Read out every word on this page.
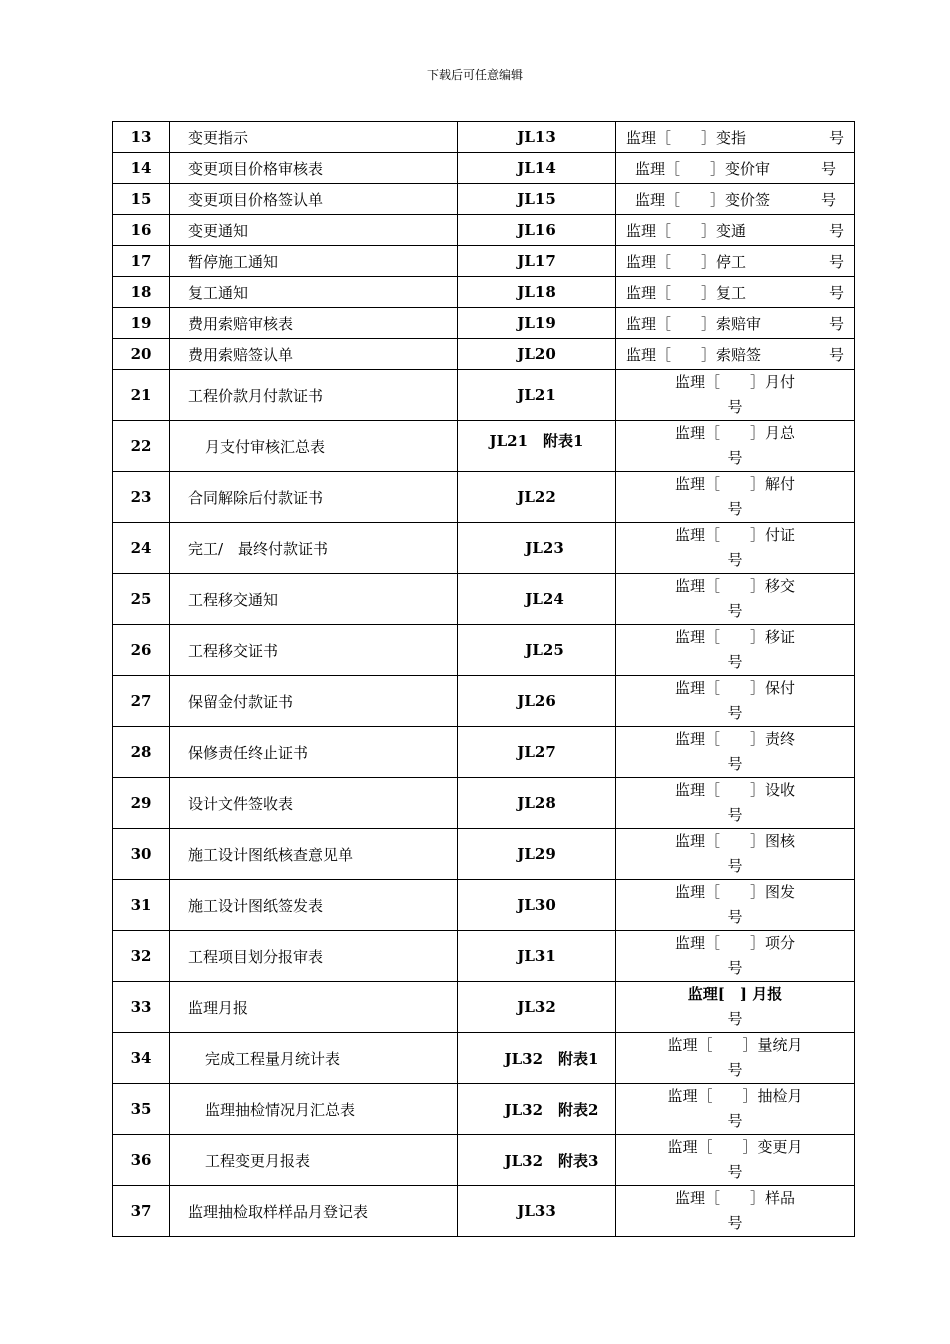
下载后可任意编辑
13	变更指示	JL13	监理［　　］变指 号

14	变更项目价格审核表	JL14	监理［　　］变价审 号

15	变更项目价格签认单	JL15	监理［　　］变价签 号

16	变更通知	JL16	监理［　　］变通 号

17	暂停施工通知	JL17	监理［　　］停工 号

18	复工通知	JL18	监理［　　］复工 号

19	费用索赔审核表	JL19	监理［　　］索赔审 号

20	费用索赔签认单	JL20	监理［　　］索赔签 号

21	工程价款月付款证书	JL21	监理［　　］月付
号

22	月支付审核汇总表	JL21　附表1	监理［　　］月总
号

23	合同解除后付款证书	JL22	监理［　　］解付
号

24	完工/　最终付款证书	JL23	监理［　　］付证
号

25	工程移交通知	JL24	监理［　　］移交
号

26	工程移交证书	JL25	监理［　　］移证
号

27	保留金付款证书	JL26	监理［　　］保付
号

28	保修责任终止证书	JL27	监理［　　］责终
号

29	设计文件签收表	JL28	监理［　　］设收
号

30	施工设计图纸核查意见单	JL29	监理［　　］图核
号

31	施工设计图纸签发表	JL30	监理［　　］图发
号

32	工程项目划分报审表	JL31	监理［　　］项分
号

33	监理月报	JL32	监理[　] 月报
号

34	完成工程量月统计表	JL32　附表1	监理［　　］量统月
号

35	监理抽检情况月汇总表	JL32　附表2	监理［　　］抽检月
号

36	工程变更月报表	JL32　附表3	监理［　　］变更月
号

37	监理抽检取样样品月登记表	JL33	监理［　　］样品
号
